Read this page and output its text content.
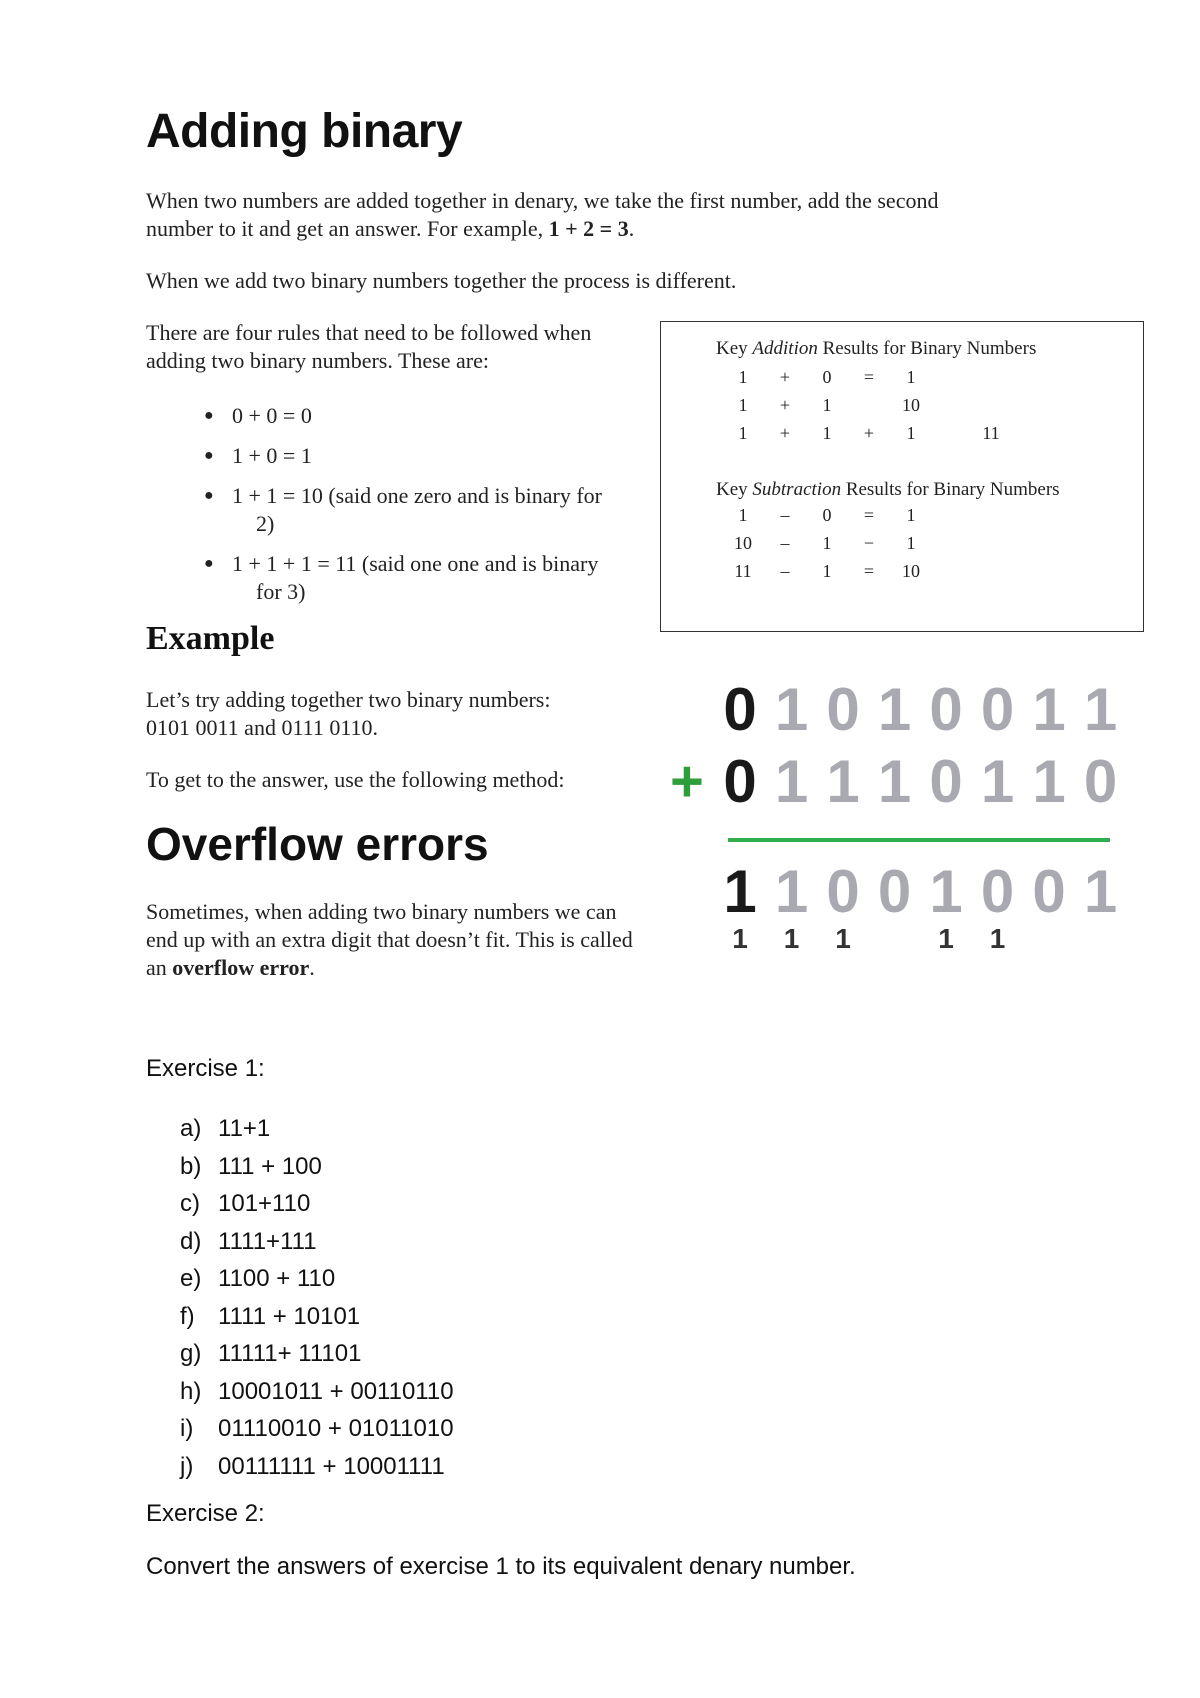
Adding binary

When two numbers are added together in denary, we take the first number, add the second
number to it and get an answer. For example, 1 + 2 = 3.

When we add two binary numbers together the process is different.

There are four rules that need to be followed when adding two binary numbers. These are:

● 0 + 0 = 0
● 1 + 0 = 1
● 1 + 1 = 10 (said one zero and is binary for
2)
● 1 + 1 + 1 = 11 (said one one and is binary
for 3)
Example

Let’s try adding together two binary numbers:
0101 0011 and 0111 0110.

To get to the answer, use the following method:

Overflow errors

Sometimes, when adding two binary numbers we can end up with an extra digit that doesn’t fit. This is called an overflow error.

Key Addition Results for Binary Numbers

1 + 0 = 1
1 + 1	10
1 + 1 + 1	11

Key Subtraction Results for Binary Numbers

1 – 0 = 1
10 – 1 − 1
11 – 1 = 10
+
0 1 0 1 0 0 1 1
0 1 1 1 0 1 1 0
1 1 0 0 1 0 0 1
1 1 1	1 1

Exercise 1:

a) 11+1
b) 111 + 100
c) 101+110
d) 1111+111
e) 1100 + 110
f) 1111 + 10101
g) 11111+ 11101
h) 10001011 + 00110110
i) 01110010 + 01011010
j) 00111111 + 10001111

Exercise 2:

Convert the answers of exercise 1 to its equivalent denary number.
